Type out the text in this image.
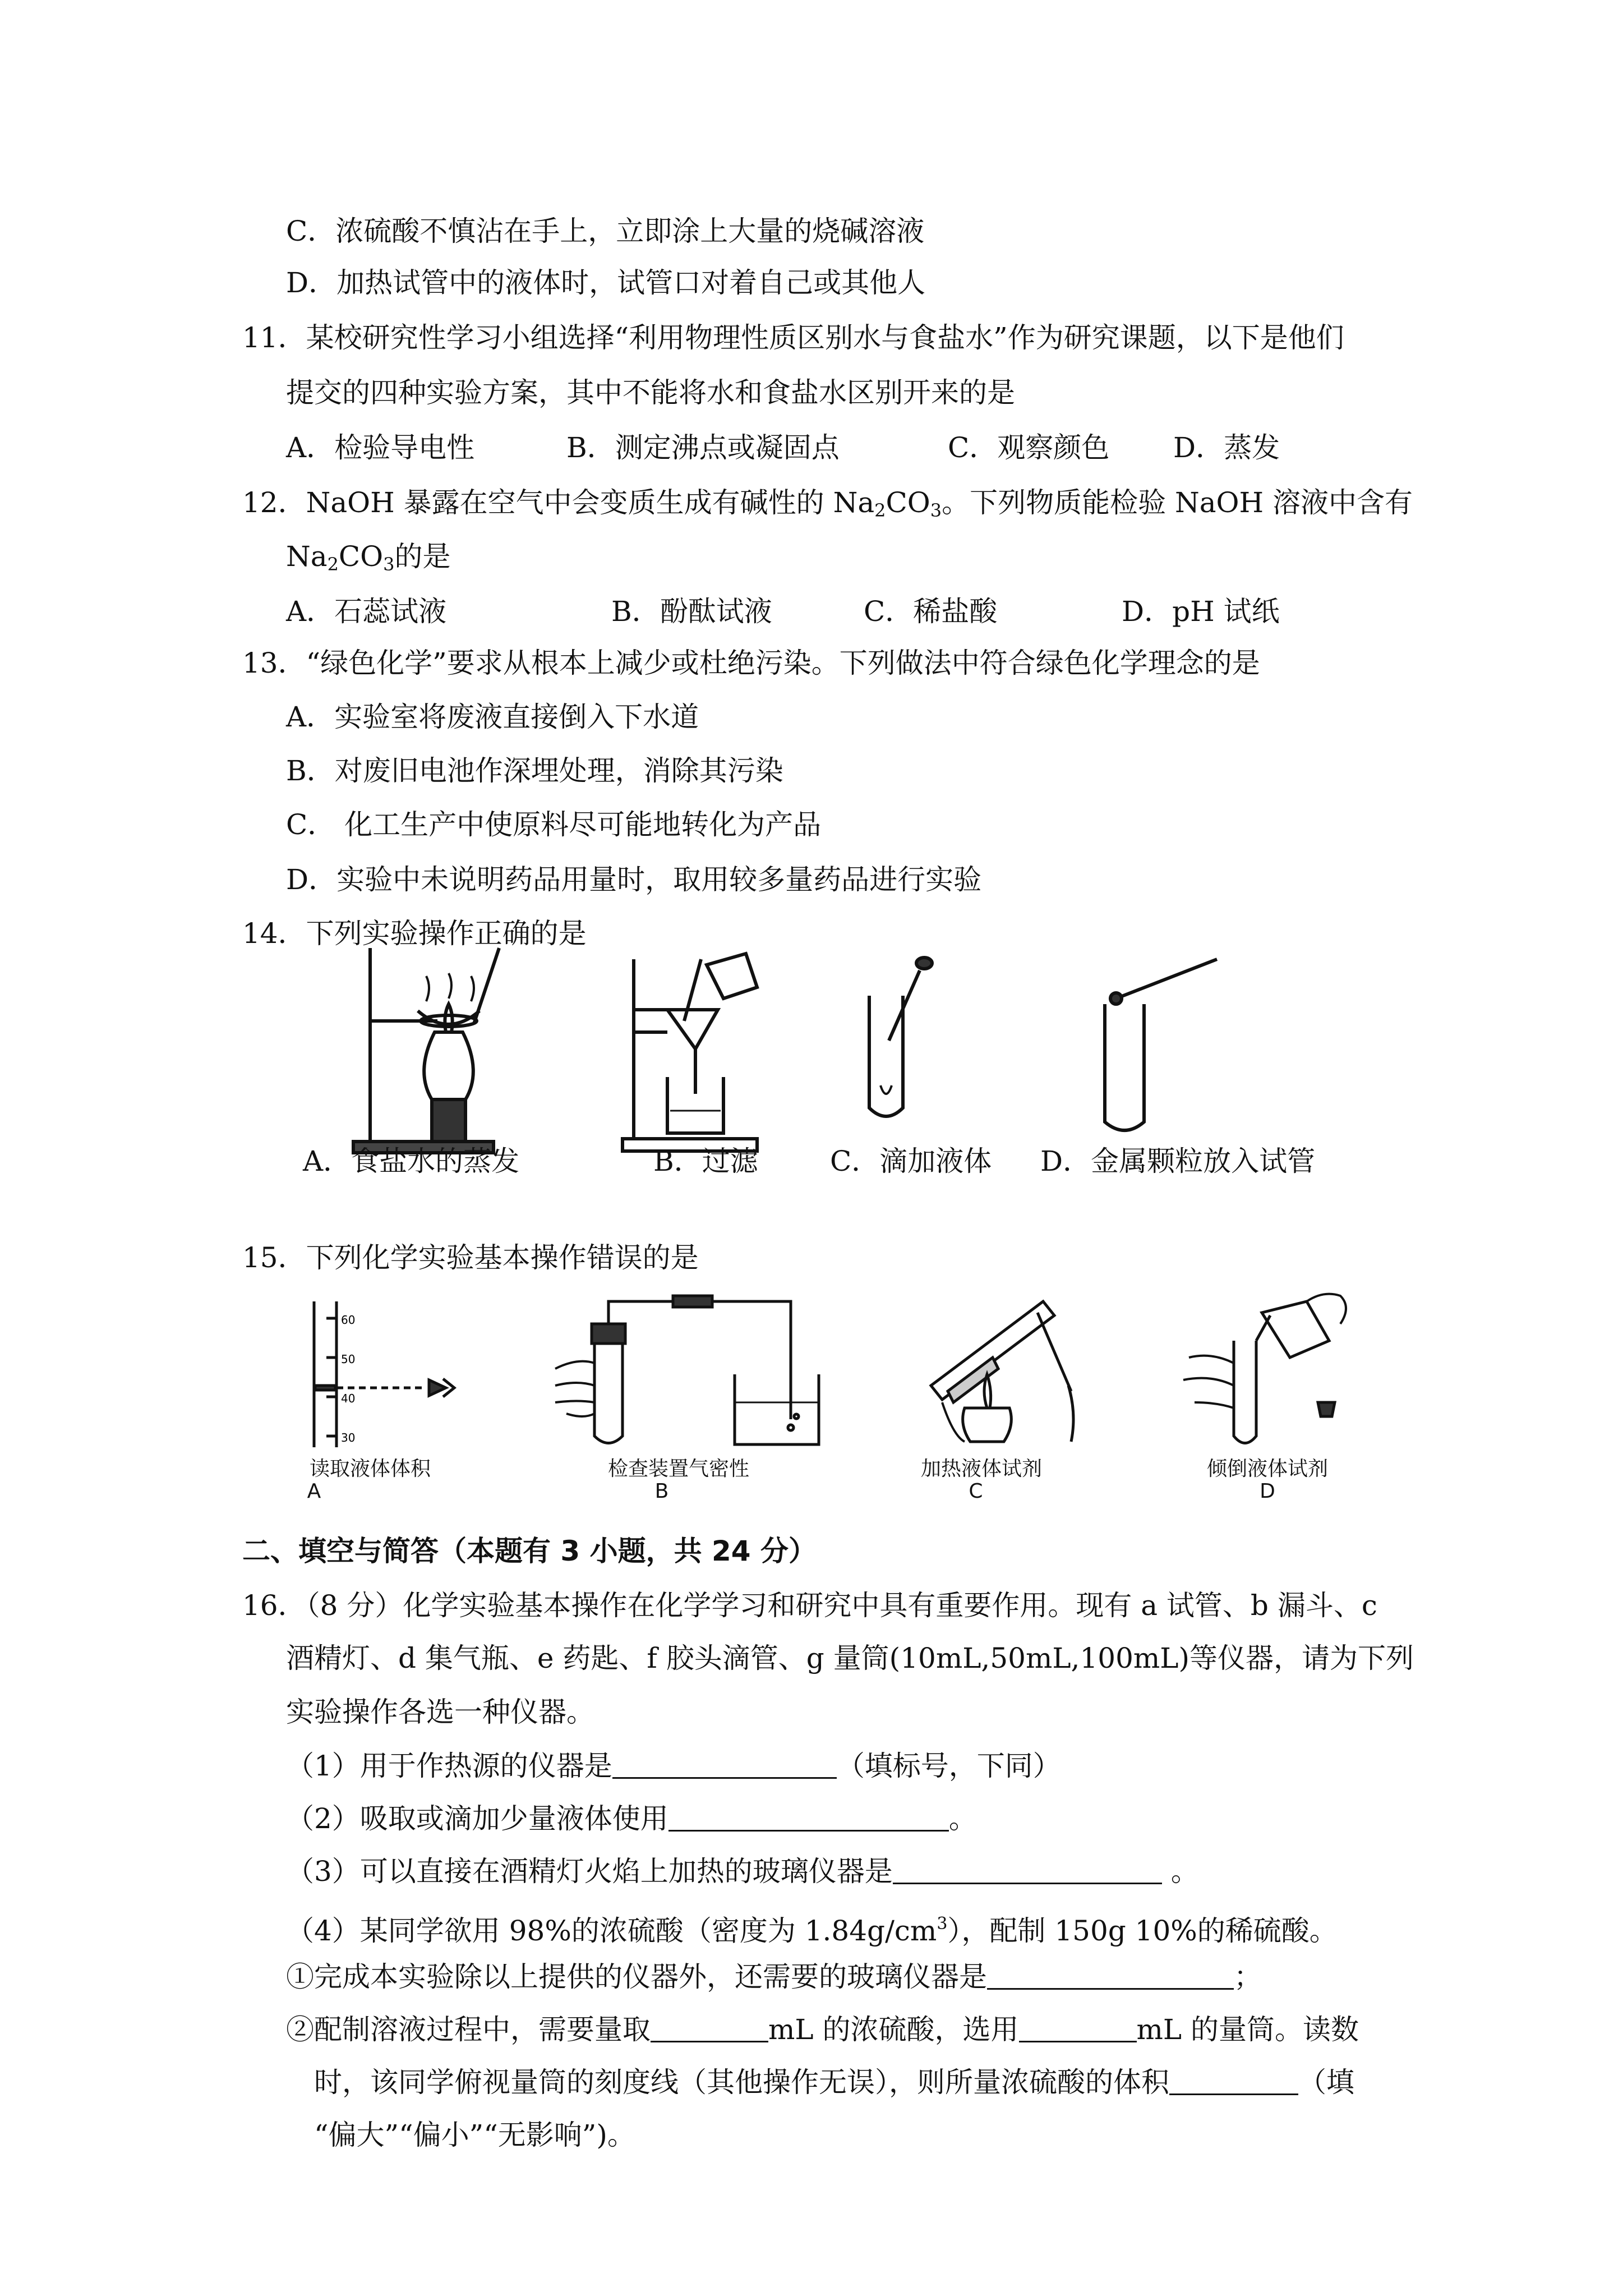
C．浓硫酸不慎沾在手上，立即涂上大量的烧碱溶液
D．加热试管中的液体时，试管口对着自己或其他人
11．某校研究性学习小组选择“利用物理性质区别水与食盐水”作为研究课题，以下是他们
提交的四种实验方案，其中不能将水和食盐水区别开来的是
A．检验导电性	B．测定沸点或凝固点	C．观察颜色 D．蒸发
12．NaOH 暴露在空气中会变质生成有碱性的 $Na_2CO_3$。下列物质能检验 NaOH 溶液中含有
$Na_2CO_3$的是
A．石蕊试液	B．酚酞试液	C．稀盐酸	D．pH 试纸
13．“绿色化学”要求从根本上减少或杜绝污染。下列做法中符合绿色化学理念的是
A．实验室将废液直接倒入下水道
B．对废旧电池作深埋处理，消除其污染
C． 化工生产中使原料尽可能地转化为产品
D．实验中未说明药品用量时，取用较多量药品进行实验
14．下列实验操作正确的是
A．食盐水的蒸发	B．过滤	C．滴加液体 D．金属颗粒放入试管
15．下列化学实验基本操作错误的是
60
50
40
30
读取液体体积
A
检查装置气密性
B
加热液体试剂
C
倾倒液体试剂
D
二、填空与简答（本题有 3 小题，共 24 分）
16．（8 分）化学实验基本操作在化学学习和研究中具有重要作用。现有 a 试管、b 漏斗、c
酒精灯、d 集气瓶、e 药匙、f 胶头滴管、g 量筒(10mL,50mL,100mL)等仪器，请为下列
实验操作各选一种仪器。
（1）用于作热源的仪器是	（填标号，下同）
（2）吸取或滴加少量液体使用	。
（3）可以直接在酒精灯火焰上加热的玻璃仪器是	。
（4）某同学欲用 98%的浓硫酸（密度为 $1.84g/cm^3$），配制 150g 10%的稀硫酸。
①完成本实验除以上提供的仪器外，还需要的玻璃仪器是	；
②配制溶液过程中，需要量取	mL 的浓硫酸，选用	mL 的量筒。读数
时，该同学俯视量筒的刻度线（其他操作无误），则所量浓硫酸的体积	（填
“偏大”“偏小”“无影响”)。
